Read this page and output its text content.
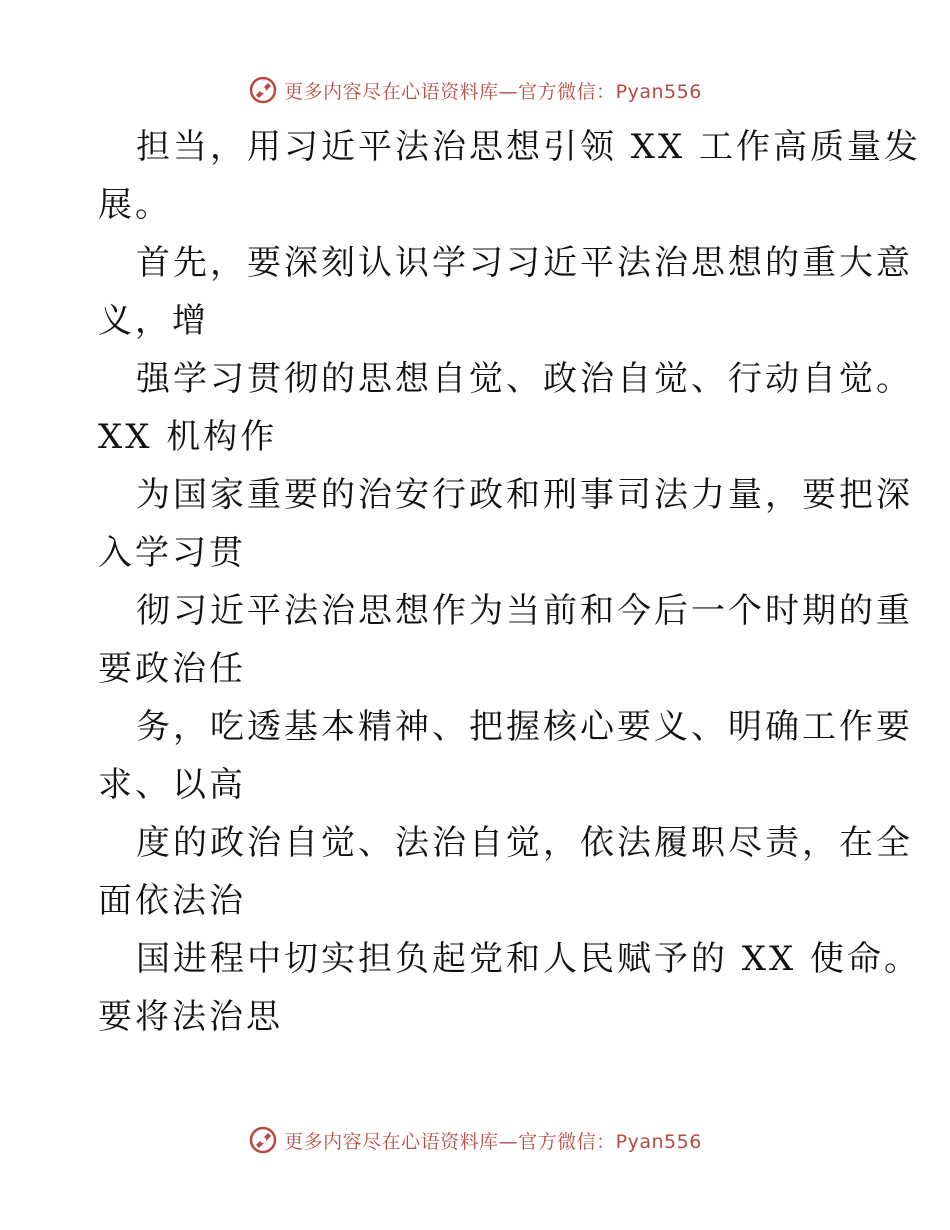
更多内容尽在心语资料库—官方微信：Pyan556
担当，用习近平法治思想引领 XX 工作高质量发
展。
首先，要深刻认识学习习近平法治思想的重大意
义，增
强学习贯彻的思想自觉、政治自觉、行动自觉。
XX 机构作
为国家重要的治安行政和刑事司法力量，要把深
入学习贯
彻习近平法治思想作为当前和今后一个时期的重
要政治任
务，吃透基本精神、把握核心要义、明确工作要
求、以高
度的政治自觉、法治自觉，依法履职尽责，在全
面依法治
国进程中切实担负起党和人民赋予的 XX 使命。
要将法治思
更多内容尽在心语资料库—官方微信：Pyan556
